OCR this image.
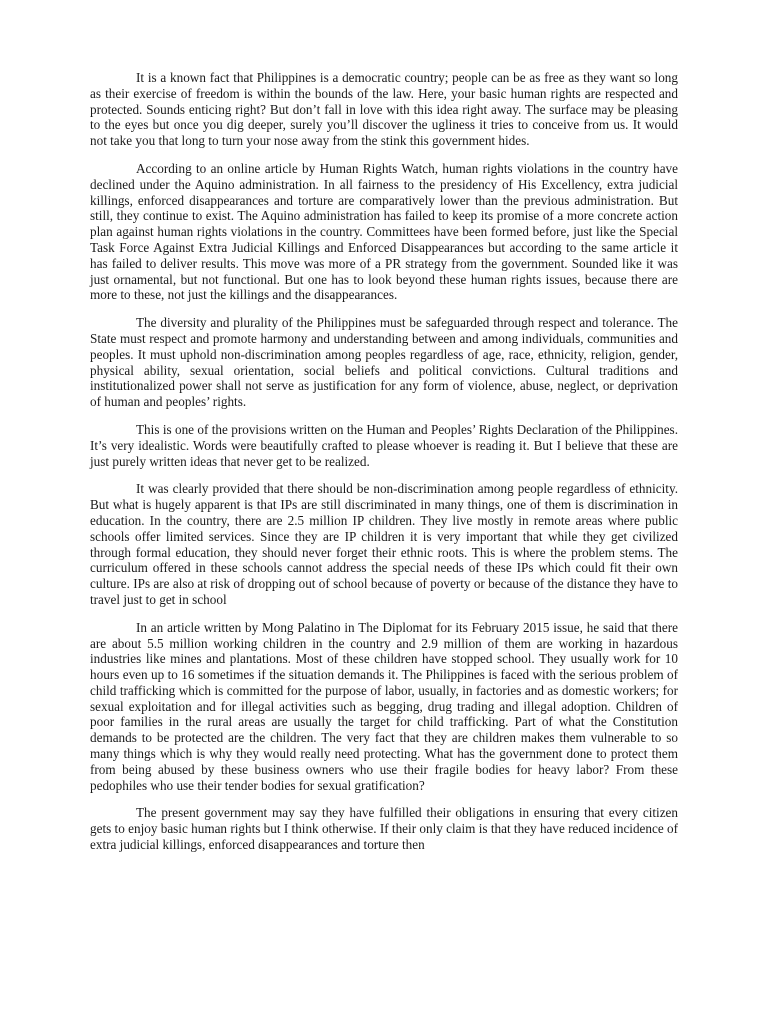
It is a known fact that Philippines is a democratic country; people can be as free as they want so long as their exercise of freedom is within the bounds of the law. Here, your basic human rights are respected and protected. Sounds enticing right? But don’t fall in love with this idea right away. The surface may be pleasing to the eyes but once you dig deeper, surely you’ll discover the ugliness it tries to conceive from us. It would not take you that long to turn your nose away from the stink this government hides.

According to an online article by Human Rights Watch, human rights violations in the country have declined under the Aquino administration. In all fairness to the presidency of His Excellency, extra judicial killings, enforced disappearances and torture are comparatively lower than the previous administration. But still, they continue to exist. The Aquino administration has failed to keep its promise of a more concrete action plan against human rights violations in the country. Committees have been formed before, just like the Special Task Force Against Extra Judicial Killings and Enforced Disappearances but according to the same article it has failed to deliver results. This move was more of a PR strategy from the government. Sounded like it was just ornamental, but not functional. But one has to look beyond these human rights issues, because there are more to these, not just the killings and the disappearances.

The diversity and plurality of the Philippines must be safeguarded through respect and tolerance. The State must respect and promote harmony and understanding between and among individuals, communities and peoples. It must uphold non-discrimination among peoples regardless of age, race, ethnicity, religion, gender, physical ability, sexual orientation, social beliefs and political convictions. Cultural traditions and institutionalized power shall not serve as justification for any form of violence, abuse, neglect, or deprivation of human and peoples’ rights.

This is one of the provisions written on the Human and Peoples’ Rights Declaration of the Philippines. It’s very idealistic. Words were beautifully crafted to please whoever is reading it. But I believe that these are just purely written ideas that never get to be realized.

It was clearly provided that there should be non-discrimination among people regardless of ethnicity. But what is hugely apparent is that IPs are still discriminated in many things, one of them is discrimination in education. In the country, there are 2.5 million IP children. They live mostly in remote areas where public schools offer limited services. Since they are IP children it is very important that while they get civilized through formal education, they should never forget their ethnic roots. This is where the problem stems. The curriculum offered in these schools cannot address the special needs of these IPs which could fit their own culture. IPs are also at risk of dropping out of school because of poverty or because of the distance they have to travel just to get in school

In an article written by Mong Palatino in The Diplomat for its February 2015 issue, he said that there are about 5.5 million working children in the country and 2.9 million of them are working in hazardous industries like mines and plantations. Most of these children have stopped school. They usually work for 10 hours even up to 16 sometimes if the situation demands it. The Philippines is faced with the serious problem of child trafficking which is committed for the purpose of labor, usually, in factories and as domestic workers; for sexual exploitation and for illegal activities such as begging, drug trading and illegal adoption. Children of poor families in the rural areas are usually the target for child trafficking. Part of what the Constitution demands to be protected are the children. The very fact that they are children makes them vulnerable to so many things which is why they would really need protecting. What has the government done to protect them from being abused by these business owners who use their fragile bodies for heavy labor? From these pedophiles who use their tender bodies for sexual gratification?

The present government may say they have fulfilled their obligations in ensuring that every citizen gets to enjoy basic human rights but I think otherwise. If their only claim is that they have reduced incidence of extra judicial killings, enforced disappearances and torture then
